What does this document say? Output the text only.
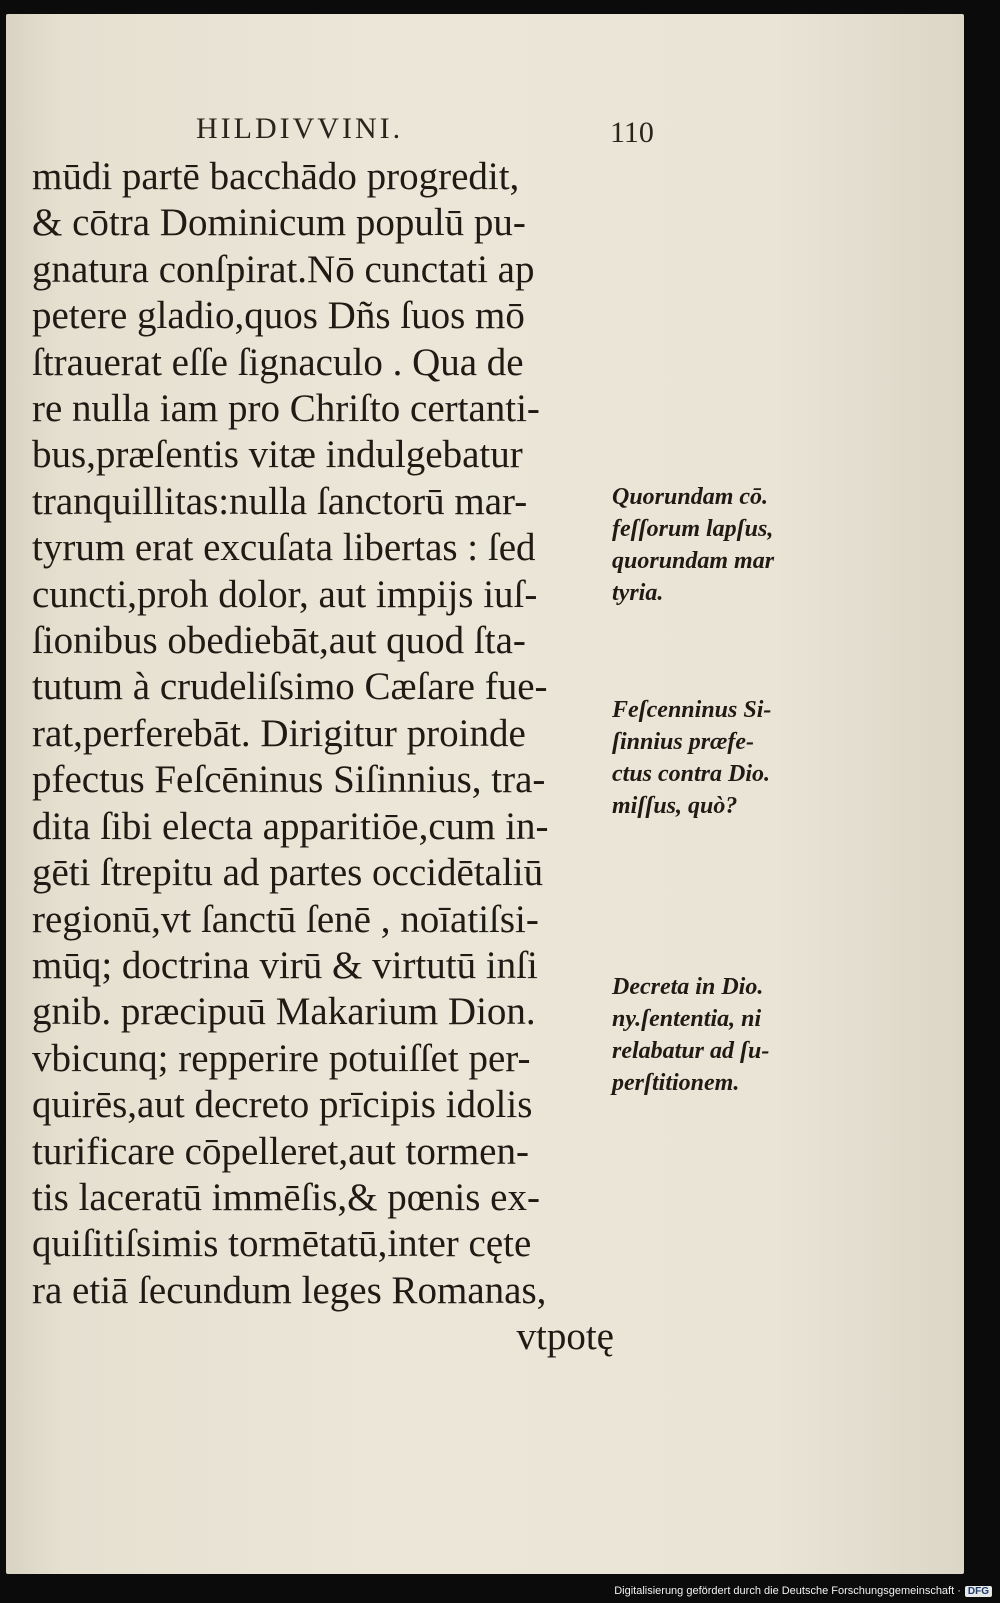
HILDIVVINI.	110
mūdi partē bacchādo progredit,
& cōtra Dominicum populū pu-
gnatura conſpirat.Nō cunctati ap
petere gladio,quos Dñs ſuos mō
ſtrauerat eſſe ſignaculo . Qua de
re nulla iam pro Chriſto certanti-
bus,præſentis vitæ indulgebatur
tranquillitas:nulla ſanctorū mar-
tyrum erat excuſata libertas : ſed
cuncti,proh dolor, aut impijs iuſ-
ſionibus obediebāt,aut quod ſta-
tutum à crudeliſsimo Cæſare fue-
rat,perferebāt. Dirigitur proinde
pfectus Feſcēninus Siſinnius, tra-
dita ſibi electa apparitiōe,cum in-
gēti ſtrepitu ad partes occidētaliū
regionū,vt ſanctū ſenē , noīatiſsi-
mūq; doctrina virū & virtutū inſi
gnib. præcipuū Makarium Dion.
vbicunq; repperire potuiſſet per-
quirēs,aut decreto prīcipis idolis
turificare cōpelleret,aut tormen-
tis laceratū immēſis,& pœnis ex-
quiſitiſsimis tormētatū,inter cęte
ra etiā ſecundum leges Romanas,
vtpotę
Quorundam cō.
feſſorum lapſus,
quorundam mar
tyria.
Feſcenninus Si-
ſinnius præfe-
ctus contra Dio.
miſſus, quò?
Decreta in Dio.
ny.ſententia, ni
relabatur ad ſu-
perſtitionem.
Digitalisierung gefördert durch die Deutsche Forschungsgemeinschaft · DFG
